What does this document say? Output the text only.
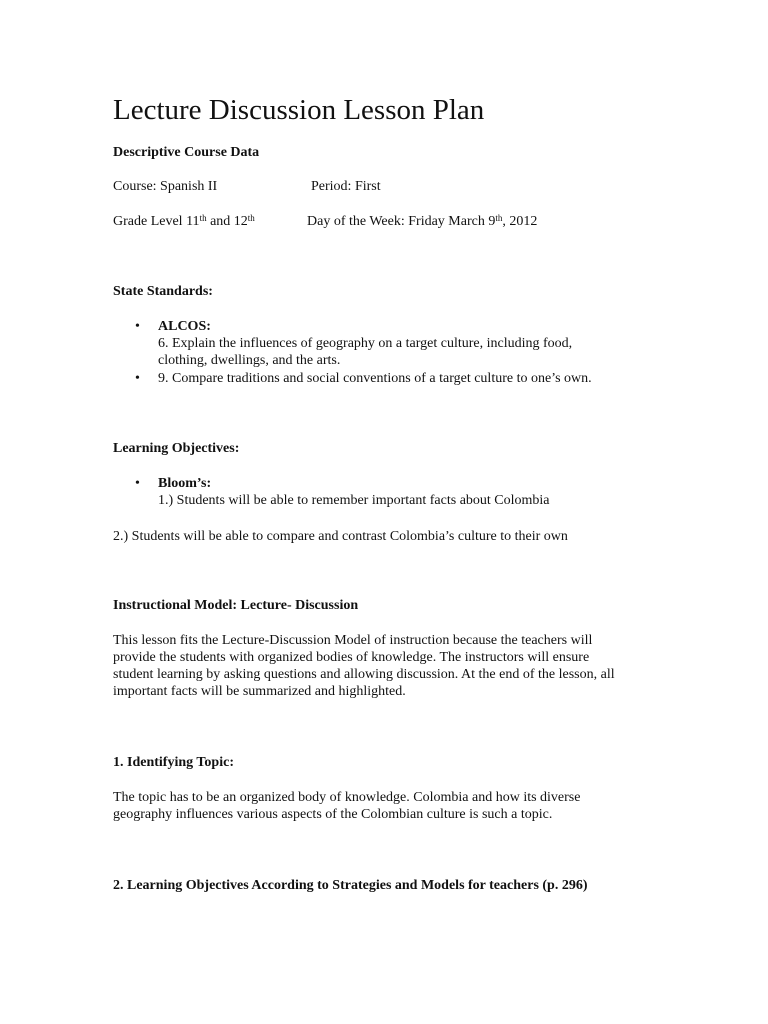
Lecture Discussion Lesson Plan
Descriptive Course Data
Course: Spanish II	Period: First
Grade Level 11th and 12th	Day of the Week: Friday March 9th, 2012
State Standards:
• ALCOS:
6. Explain the influences of geography on a target culture, including food,
clothing, dwellings, and the arts.
• 9. Compare traditions and social conventions of a target culture to one’s own.
Learning Objectives:
• Bloom’s:
1.) Students will be able to remember important facts about Colombia
2.) Students will be able to compare and contrast Colombia’s culture to their own
Instructional Model: Lecture- Discussion
This lesson fits the Lecture-Discussion Model of instruction because the teachers will
provide the students with organized bodies of knowledge. The instructors will ensure
student learning by asking questions and allowing discussion. At the end of the lesson, all
important facts will be summarized and highlighted.
1. Identifying Topic:
The topic has to be an organized body of knowledge. Colombia and how its diverse
geography influences various aspects of the Colombian culture is such a topic.
2. Learning Objectives According to Strategies and Models for teachers (p. 296)
